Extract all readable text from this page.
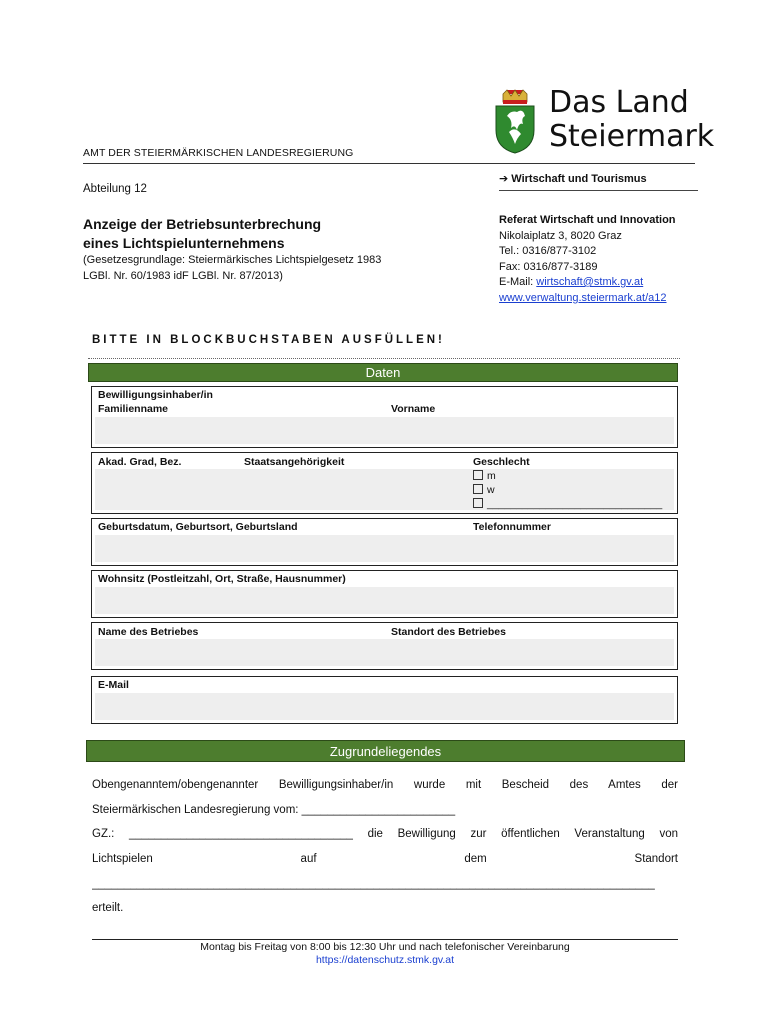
AMT DER STEIERMÄRKISCHEN LANDESREGIERUNG
Abteilung 12
Anzeige der Betriebsunterbrechung
eines Lichtspielunternehmens
(Gesetzesgrundlage: Steiermärkisches Lichtspielgesetz 1983
LGBl. Nr. 60/1983 idF LGBl. Nr. 87/2013)
Das Land
Steiermark
➔ Wirtschaft und Tourismus
Referat Wirtschaft und Innovation
Nikolaiplatz 3, 8020 Graz
Tel.: 0316/877-3102
Fax: 0316/877-3189
E-Mail: wirtschaft@stmk.gv.at
www.verwaltung.steiermark.at/a12
BITTE IN BLOCKBUCHSTABEN AUSFÜLLEN!
Daten
Bewilligungsinhaber/in
Familienname	Vorname
Akad. Grad, Bez.	Staatsangehörigkeit	Geschlecht
m
w
______________________________
Geburtsdatum, Geburtsort, Geburtsland	Telefonnummer
Wohnsitz (Postleitzahl, Ort, Straße, Hausnummer)
Name des Betriebes	Standort des Betriebes
E-Mail
Zugrundeliegendes
Obengenanntem/obengenannter Bewilligungsinhaber/in wurde mit Bescheid des Amtes der
Steiermärkischen Landesregierung vom: ________________________
GZ.: ___________________________________ die Bewilligung zur öffentlichen Veranstaltung von
Lichtspielen auf dem Standort
________________________________________________________________________________________
erteilt.
Montag bis Freitag von 8:00 bis 12:30 Uhr und nach telefonischer Vereinbarung
https://datenschutz.stmk.gv.at
